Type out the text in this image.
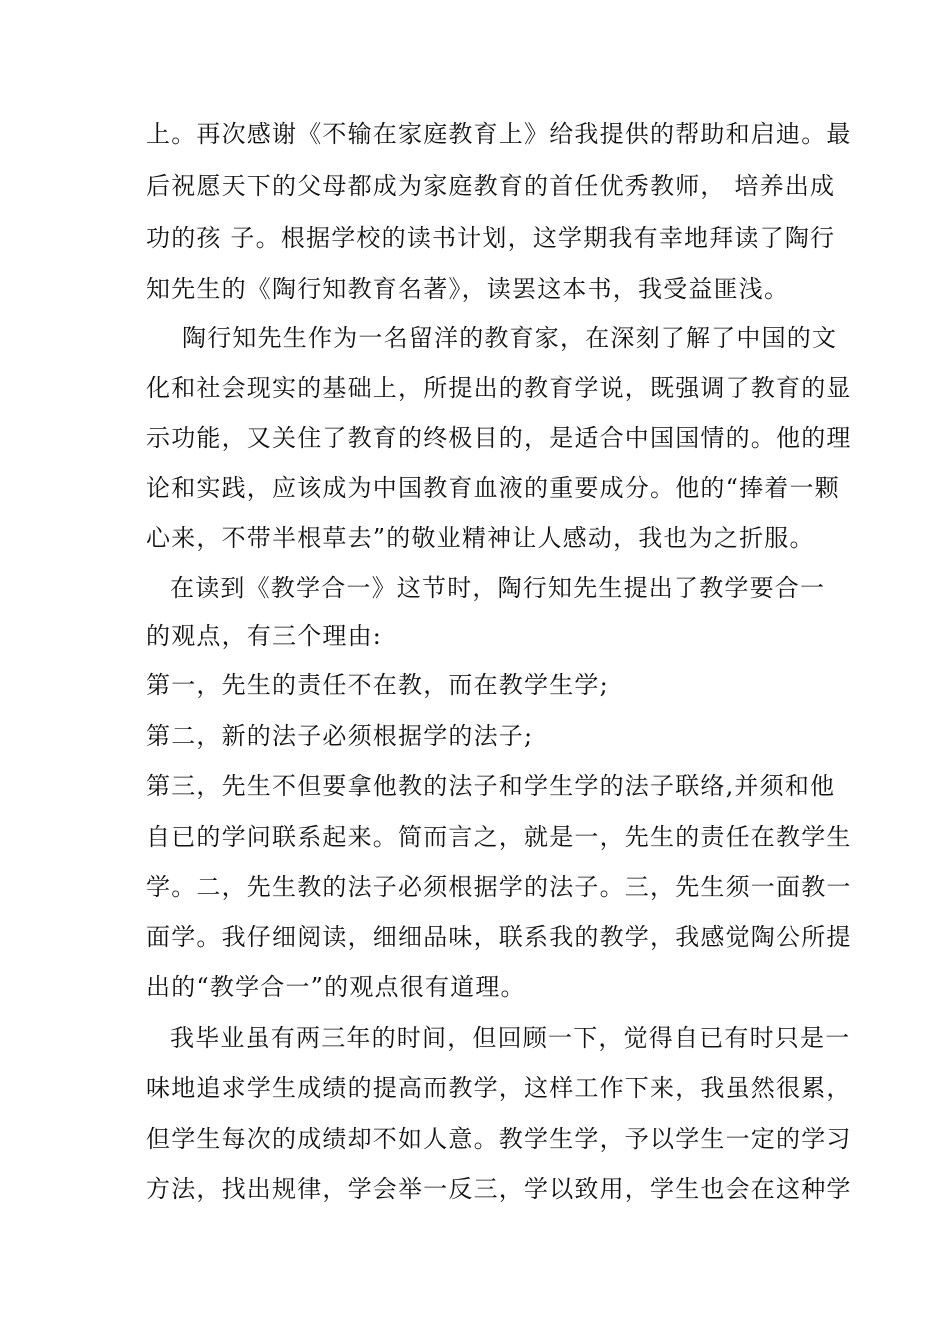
上。再次感谢《不输在家庭教育上》给我提供的帮助和启迪。最
后祝愿天下的父母都成为家庭教育的首任优秀教师， 培养出成
功的孩 子。根据学校的读书计划，这学期我有幸地拜读了陶行
知先生的《陶行知教育名著》，读罢这本书，我受益匪浅。
陶行知先生作为一名留洋的教育家，在深刻了解了中国的文
化和社会现实的基础上，所提出的教育学说，既强调了教育的显
示功能，又关住了教育的终极目的，是适合中国国情的。他的理
论和实践，应该成为中国教育血液的重要成分。他的“捧着一颗
心来，不带半根草去”的敬业精神让人感动，我也为之折服。
在读到《教学合一》这节时，陶行知先生提出了教学要合一
的观点，有三个理由:
第一，先生的责任不在教，而在教学生学;
第二，新的法子必须根据学的法子;
第三，先生不但要拿他教的法子和学生学的法子联络,并须和他
自已的学问联系起来。简而言之，就是一，先生的责任在教学生
学。二，先生教的法子必须根据学的法子。三，先生须一面教一
面学。我仔细阅读，细细品味，联系我的教学，我感觉陶公所提
出的“教学合一”的观点很有道理。
我毕业虽有两三年的时间，但回顾一下，觉得自已有时只是一
味地追求学生成绩的提高而教学，这样工作下来，我虽然很累，
但学生每次的成绩却不如人意。教学生学，予以学生一定的学习
方法，找出规律，学会举一反三，学以致用，学生也会在这种学
